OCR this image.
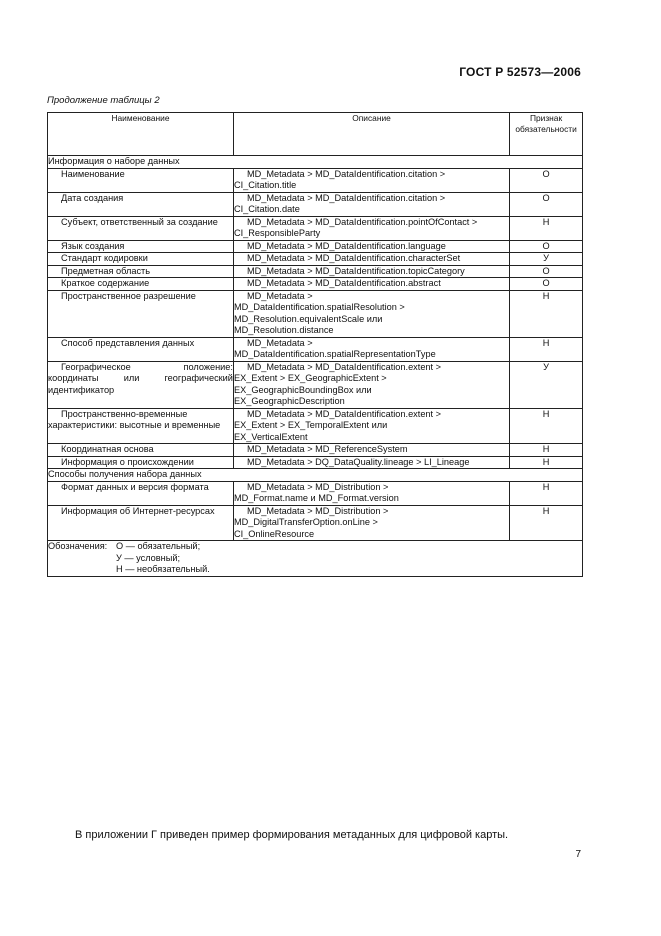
ГОСТ Р 52573—2006
Продолжение таблицы 2
Наименование	Описание	Признак обязательности
Информация о наборе данных		

Наименование	MD_Metadata > MD_DataIdentification.citation > CI_Citation.title	О

Дата создания	MD_Metadata > MD_DataIdentification.citation > CI_Citation.date	О

Субъект, ответственный за создание	MD_Metadata > MD_DataIdentification.pointOfContact > CI_ResponsibleParty	Н

Язык создания	MD_Metadata > MD_DataIdentification.language	О

Стандарт кодировки	MD_Metadata > MD_DataIdentification.characterSet	У

Предметная область	MD_Metadata > MD_DataIdentification.topicCategory	О

Краткое содержание	MD_Metadata > MD_DataIdentification.abstract	О

Пространственное разрешение	MD_Metadata >
MD_DataIdentification.spatialResolution >
MD_Resolution.equivalentScale или
MD_Resolution.distance	Н

Способ представления данных	MD_Metadata >
MD_DataIdentification.spatialRepresentationType	Н

Географическое положение: координаты или географический идентификатор	MD_Metadata > MD_DataIdentification.extent >
EX_Extent > EX_GeographicExtent >
EX_GeographicBoundingBox или
EX_GeographicDescription	У

Пространственно-временные характеристики: высотные и временные	MD_Metadata > MD_DataIdentification.extent >
EX_Extent > EX_TemporalExtent или
EX_VerticalExtent	Н

Координатная основа	MD_Metadata > MD_ReferenceSystem	Н

Информация о происхождении	MD_Metadata > DQ_DataQuality.lineage > LI_Lineage	Н
Способы получения набора данных		

Формат данных и версия формата	MD_Metadata > MD_Distribution >
MD_Format.name и MD_Format.version	Н

Информация об Интернет-ресурсах	MD_Metadata > MD_Distribution >
MD_DigitalTransferOption.onLine >
CI_OnlineResource	Н

Обозначения: О — обязательный;
У — условный;
Н — необязательный.		
В приложении Г приведен пример формирования метаданных для цифровой карты.
7
